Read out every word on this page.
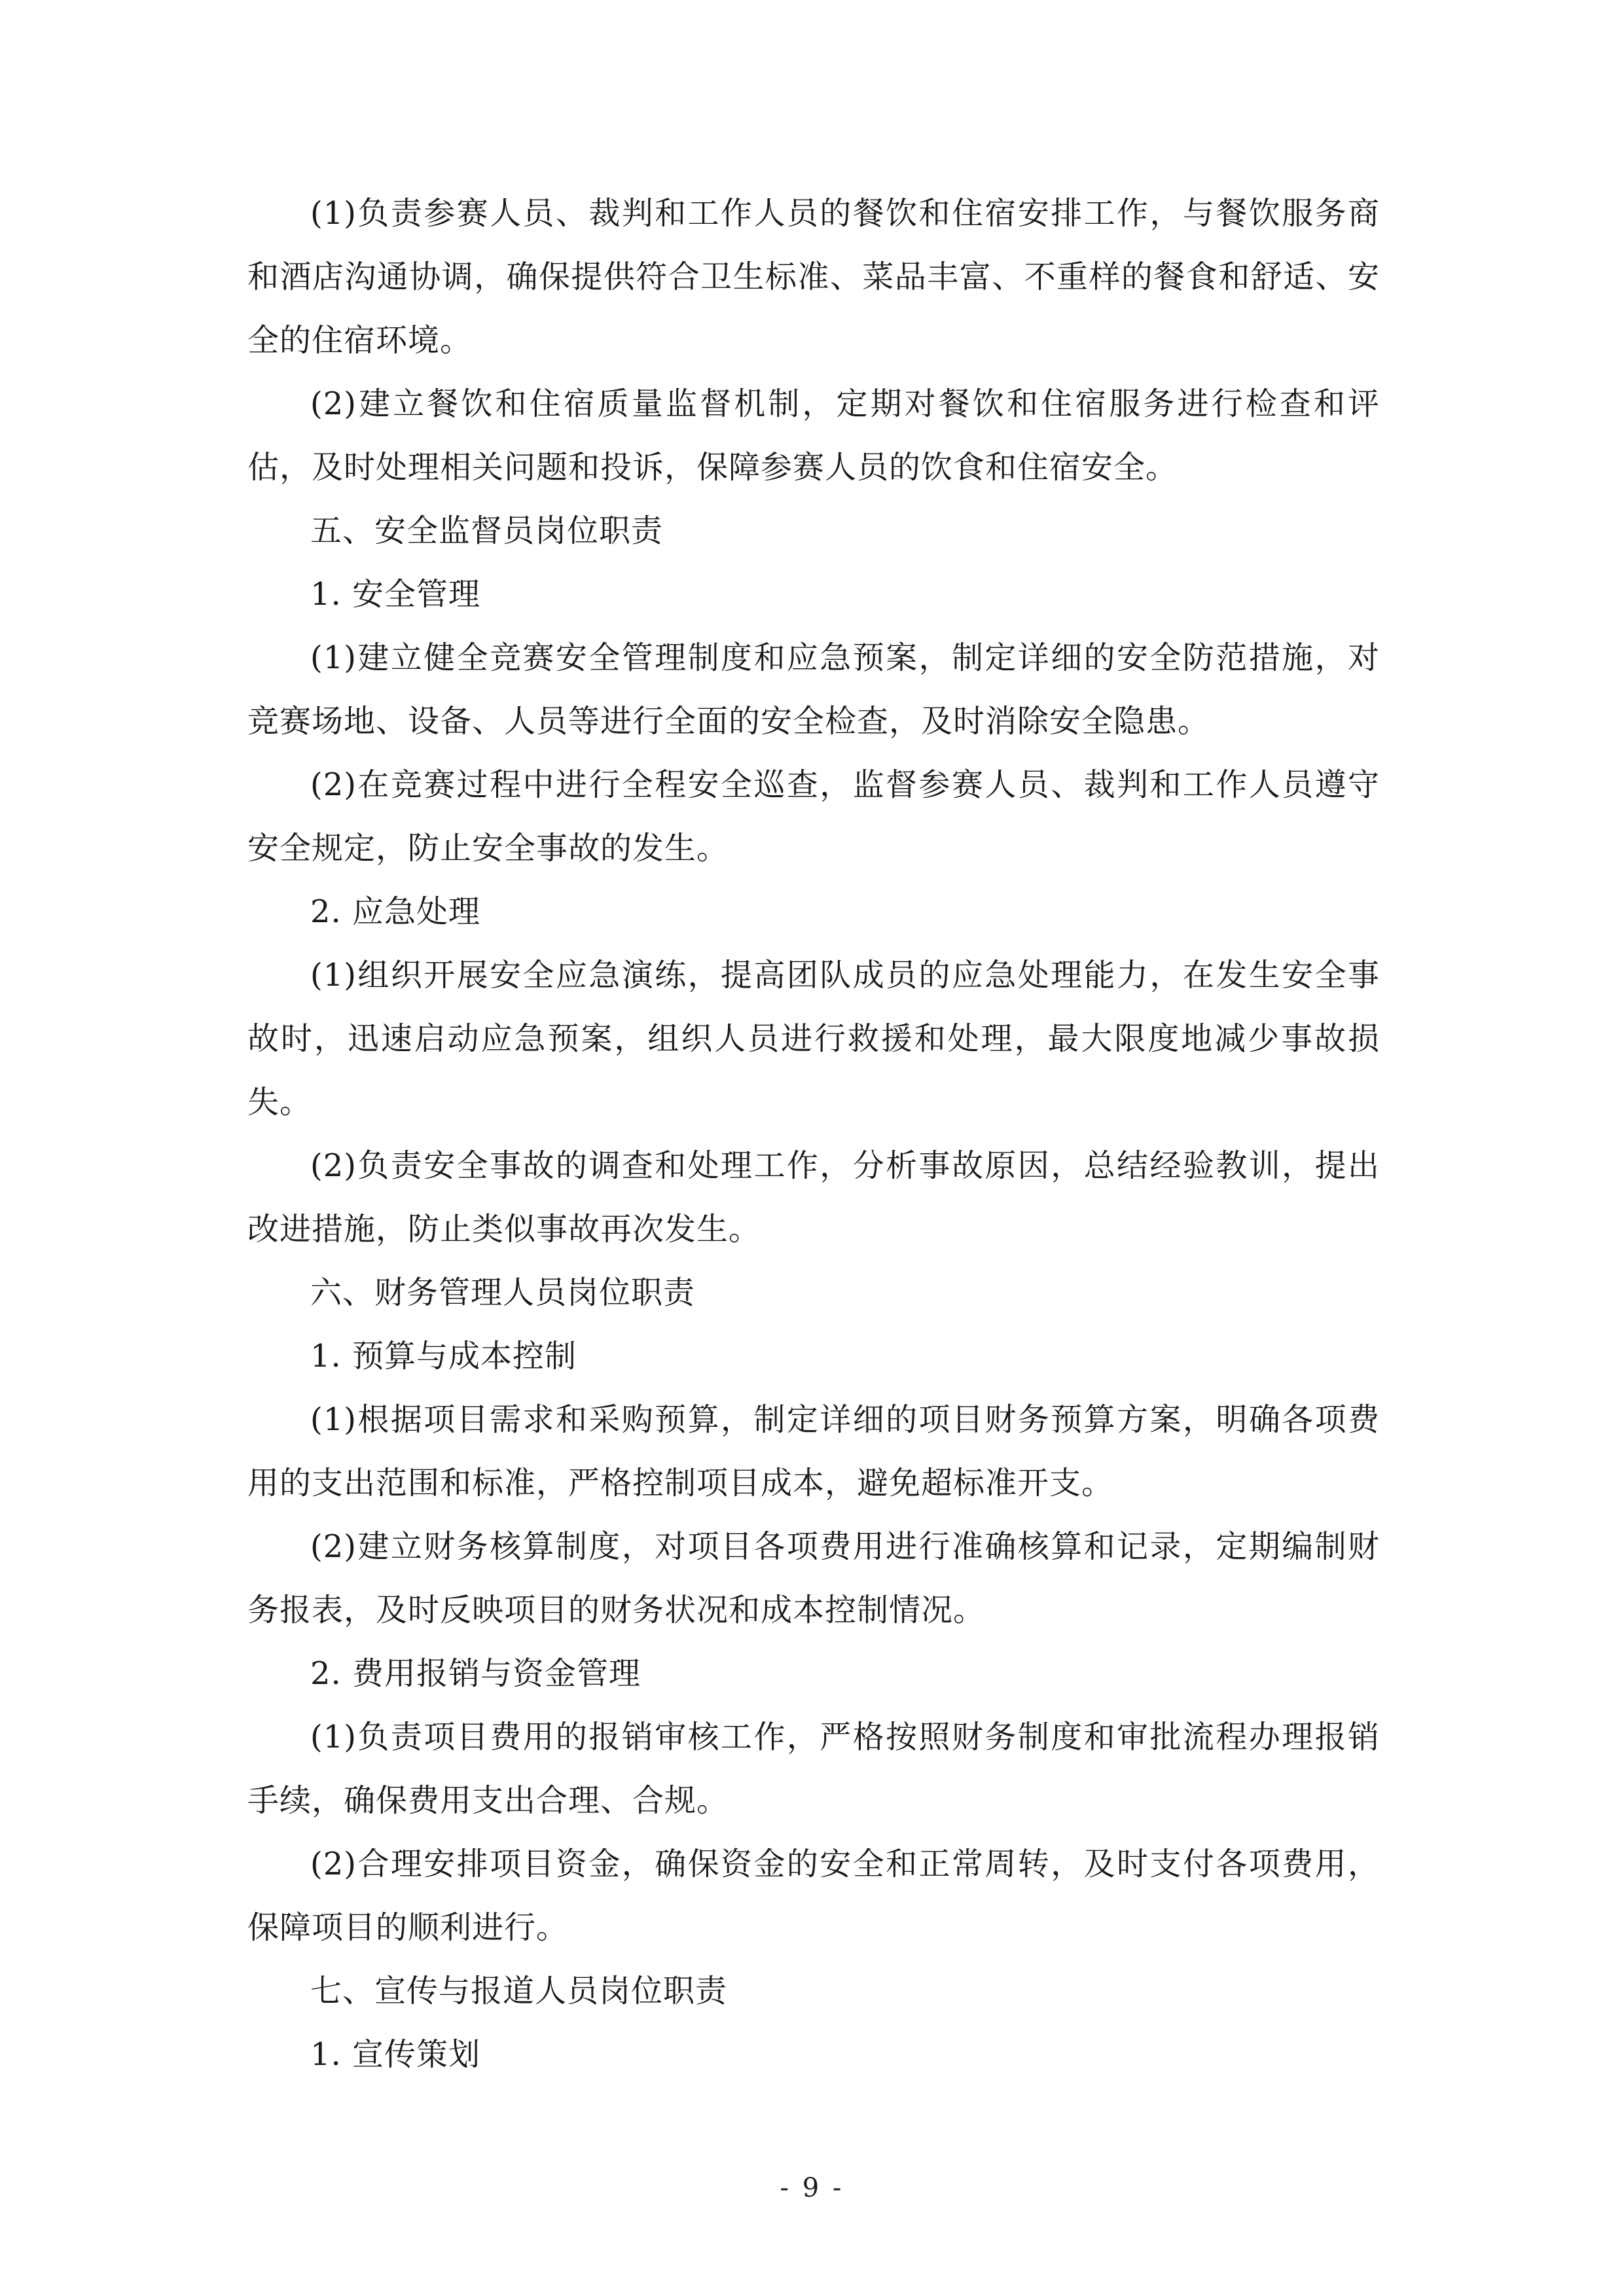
(1)负责参赛人员、裁判和工作人员的餐饮和住宿安排工作，与餐饮服务商和酒店沟通协调，确保提供符合卫生标准、菜品丰富、不重样的餐食和舒适、安全的住宿环境。

(2)建立餐饮和住宿质量监督机制，定期对餐饮和住宿服务进行检查和评估，及时处理相关问题和投诉，保障参赛人员的饮食和住宿安全。

五、安全监督员岗位职责

1. 安全管理

(1)建立健全竞赛安全管理制度和应急预案，制定详细的安全防范措施，对竞赛场地、设备、人员等进行全面的安全检查，及时消除安全隐患。

(2)在竞赛过程中进行全程安全巡查，监督参赛人员、裁判和工作人员遵守安全规定，防止安全事故的发生。

2. 应急处理

(1)组织开展安全应急演练，提高团队成员的应急处理能力，在发生安全事故时，迅速启动应急预案，组织人员进行救援和处理，最大限度地减少事故损失。

(2)负责安全事故的调查和处理工作，分析事故原因，总结经验教训，提出改进措施，防止类似事故再次发生。

六、财务管理人员岗位职责

1. 预算与成本控制

(1)根据项目需求和采购预算，制定详细的项目财务预算方案，明确各项费用的支出范围和标准，严格控制项目成本，避免超标准开支。

(2)建立财务核算制度，对项目各项费用进行准确核算和记录，定期编制财务报表，及时反映项目的财务状况和成本控制情况。

2. 费用报销与资金管理

(1)负责项目费用的报销审核工作，严格按照财务制度和审批流程办理报销手续，确保费用支出合理、合规。

(2)合理安排项目资金，确保资金的安全和正常周转，及时支付各项费用，保障项目的顺利进行。

七、宣传与报道人员岗位职责

1. 宣传策划

- 9 -
